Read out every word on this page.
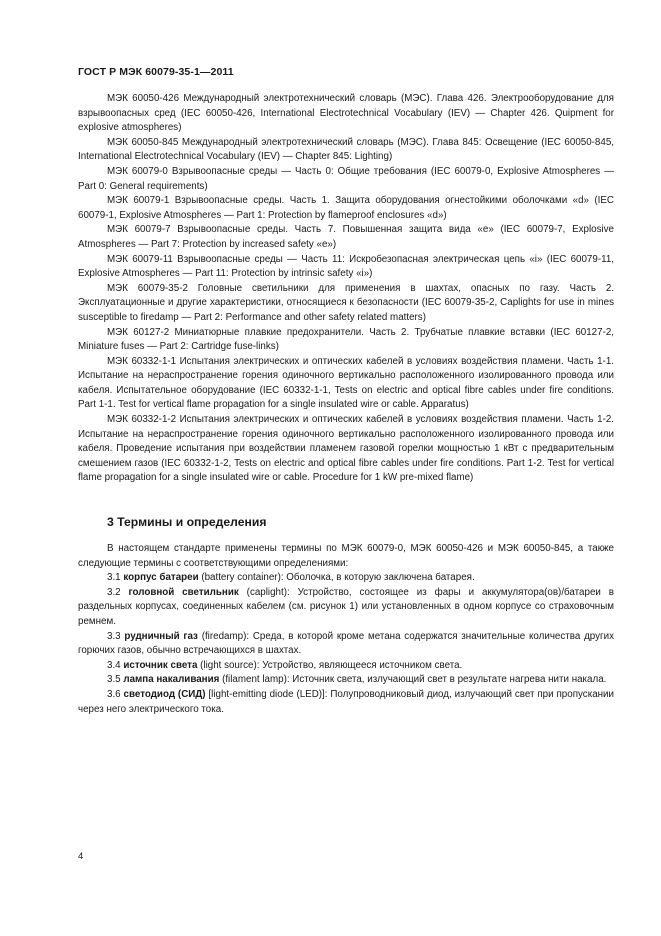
ГОСТ Р МЭК 60079-35-1—2011

МЭК 60050-426 Международный электротехнический словарь (МЭС). Глава 426. Электрооборудование для взрывоопасных сред (IEC 60050-426, International Electrotechnical Vocabulary (IEV) — Chapter 426. Quipment for explosive atmospheres)

МЭК 60050-845 Международный электротехнический словарь (МЭС). Глава 845: Освещение (IEC 60050-845, International Electrotechnical Vocabulary (IEV) — Chapter 845: Lighting)

МЭК 60079-0 Взрывоопасные среды — Часть 0: Общие требования (IEC 60079-0, Explosive Atmospheres — Part 0: General requirements)

МЭК 60079-1 Взрывоопасные среды. Часть 1. Защита оборудования огнестойкими оболочками «d» (IEC 60079-1, Explosive Atmospheres — Part 1: Protection by flameproof enclosures «d»)

МЭК 60079-7 Взрывоопасные среды. Часть 7. Повышенная защита вида «е» (IEC 60079-7, Explosive Atmospheres — Part 7: Protection by increased safety «e»)

МЭК 60079-11 Взрывоопасные среды — Часть 11: Искробезопасная электрическая цепь «i» (IEC 60079-11, Explosive Atmospheres — Part 11: Protection by intrinsic safety «i»)

МЭК 60079-35-2 Головные светильники для применения в шахтах, опасных по газу. Часть 2. Эксплуатационные и другие характеристики, относящиеся к безопасности (IEC 60079-35-2, Caplights for use in mines susceptible to firedamp — Part 2: Performance and other safety related matters)

МЭК 60127-2 Миниатюрные плавкие предохранители. Часть 2. Трубчатые плавкие вставки (IEC 60127-2, Miniature fuses — Part 2: Cartridge fuse-links)

МЭК 60332-1-1 Испытания электрических и оптических кабелей в условиях воздействия пламени. Часть 1-1. Испытание на нераспространение горения одиночного вертикально расположенного изолированного провода или кабеля. Испытательное оборудование (IEC 60332-1-1, Tests on electric and optical fibre cables under fire conditions. Part 1-1. Test for vertical flame propagation for a single insulated wire or cable. Apparatus)

МЭК 60332-1-2 Испытания электрических и оптических кабелей в условиях воздействия пламени. Часть 1-2. Испытание на нераспространение горения одиночного вертикально расположенного изолированного провода или кабеля. Проведение испытания при воздействии пламенем газовой горелки мощностью 1 кВт с предварительным смешением газов (IEC 60332-1-2, Tests on electric and optical fibre cables under fire conditions. Part 1-2. Test for vertical flame propagation for a single insulated wire or cable. Procedure for 1 kW pre-mixed flame)

3 Термины и определения

В настоящем стандарте применены термины по МЭК 60079-0, МЭК 60050-426 и МЭК 60050-845, а также следующие термины с соответствующими определениями:

3.1 корпус батареи (battery container): Оболочка, в которую заключена батарея.

3.2 головной светильник (caplight): Устройство, состоящее из фары и аккумулятора(ов)/батареи в раздельных корпусах, соединенных кабелем (см. рисунок 1) или установленных в одном корпусе со страховочным ремнем.

3.3 рудничный газ (firedamp): Среда, в которой кроме метана содержатся значительные количества других горючих газов, обычно встречающихся в шахтах.

3.4 источник света (light source): Устройство, являющееся источником света.

3.5 лампа накаливания (filament lamp): Источник света, излучающий свет в результате нагрева нити накала.

3.6 светодиод (СИД) [light-emitting diode (LED)]: Полупроводниковый диод, излучающий свет при пропускании через него электрического тока.

4
